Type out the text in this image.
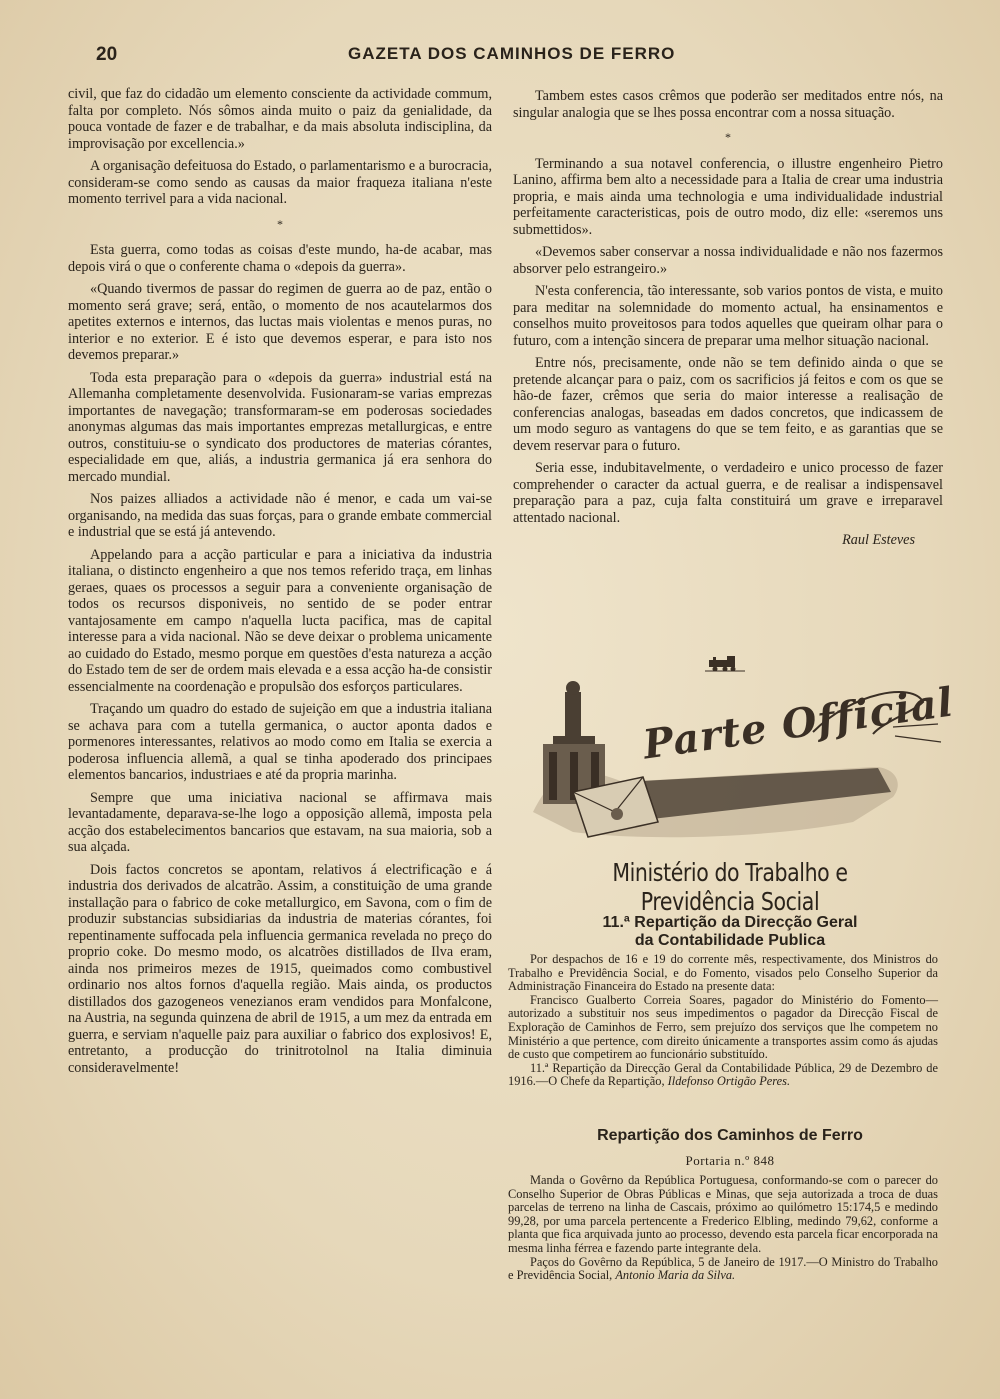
20	GAZETA DOS CAMINHOS DE FERRO

civil, que faz do cidadão um elemento consciente da actividade commum, falta por completo. Nós sômos ainda muito o paiz da genialidade, da pouca vontade de fazer e de trabalhar, e da mais absoluta indisciplina, da improvisação por excellencia.»

A organisação defeituosa do Estado, o parlamentarismo e a burocracia, consideram-se como sendo as causas da maior fraqueza italiana n'este momento terrivel para a vida nacional.

*

Esta guerra, como todas as coisas d'este mundo, ha-de acabar, mas depois virá o que o conferente chama o «depois da guerra».

«Quando tivermos de passar do regimen de guerra ao de paz, então o momento será grave; será, então, o momento de nos acautelarmos dos apetites externos e internos, das luctas mais violentas e menos puras, no interior e no exterior. E é isto que devemos esperar, e para isto nos devemos preparar.»

Toda esta preparação para o «depois da guerra» industrial está na Allemanha completamente desenvolvida. Fusionaram-se varias emprezas importantes de navegação; transformaram-se em poderosas sociedades anonymas algumas das mais importantes emprezas metallurgicas, e entre outros, constituiu-se o syndicato dos productores de materias córantes, especialidade em que, aliás, a industria germanica já era senhora do mercado mundial.

Nos paizes alliados a actividade não é menor, e cada um vai-se organisando, na medida das suas forças, para o grande embate commercial e industrial que se está já antevendo.

Appelando para a acção particular e para a iniciativa da industria italiana, o distincto engenheiro a que nos temos referido traça, em linhas geraes, quaes os processos a seguir para a conveniente organisação de todos os recursos disponiveis, no sentido de se poder entrar vantajosamente em campo n'aquella lucta pacifica, mas de capital interesse para a vida nacional. Não se deve deixar o problema unicamente ao cuidado do Estado, mesmo porque em questões d'esta natureza a acção do Estado tem de ser de ordem mais elevada e a essa acção ha-de consistir essencialmente na coordenação e propulsão dos esforços particulares.

Traçando um quadro do estado de sujeição em que a industria italiana se achava para com a tutella germanica, o auctor aponta dados e pormenores interessantes, relativos ao modo como em Italia se exercia a poderosa influencia allemã, a qual se tinha apoderado dos principaes elementos bancarios, industriaes e até da propria marinha.

Sempre que uma iniciativa nacional se affirmava mais levantadamente, deparava-se-lhe logo a opposição allemã, imposta pela acção dos estabelecimentos bancarios que estavam, na sua maioria, sob a sua alçada.

Dois factos concretos se apontam, relativos á electrificação e á industria dos derivados de alcatrão. Assim, a constituição de uma grande installação para o fabrico de coke metallurgico, em Savona, com o fim de produzir substancias subsidiarias da industria de materias córantes, foi repentinamente suffocada pela influencia germanica revelada no preço do proprio coke. Do mesmo modo, os alcatrões distillados de Ilva eram, ainda nos primeiros mezes de 1915, queimados como combustivel ordinario nos altos fornos d'aquella região. Mais ainda, os productos distillados dos gazogeneos venezianos eram vendidos para Monfalcone, na Austria, na segunda quinzena de abril de 1915, a um mez da entrada em guerra, e serviam n'aquelle paiz para auxiliar o fabrico dos explosivos! E, entretanto, a producção do trinitrotolnol na Italia diminuia consideravelmente!

Tambem estes casos crêmos que poderão ser meditados entre nós, na singular analogia que se lhes possa encontrar com a nossa situação.

*

Terminando a sua notavel conferencia, o illustre engenheiro Pietro Lanino, affirma bem alto a necessidade para a Italia de crear uma industria propria, e mais ainda uma technologia e uma individualidade industrial perfeitamente caracteristicas, pois de outro modo, diz elle: «seremos uns submettidos».

«Devemos saber conservar a nossa individualidade e não nos fazermos absorver pelo estrangeiro.»

N'esta conferencia, tão interessante, sob varios pontos de vista, e muito para meditar na solemnidade do momento actual, ha ensinamentos e conselhos muito proveitosos para todos aquelles que queiram olhar para o futuro, com a intenção sincera de preparar uma melhor situação nacional.

Entre nós, precisamente, onde não se tem definido ainda o que se pretende alcançar para o paiz, com os sacrificios já feitos e com os que se hão-de fazer, crêmos que seria do maior interesse a realisação de conferencias analogas, baseadas em dados concretos, que indicassem de um modo seguro as vantagens do que se tem feito, e as garantias que se devem reservar para o futuro.

Seria esse, indubitavelmente, o verdadeiro e unico processo de fazer comprehender o caracter da actual guerra, e de realisar a indispensavel preparação para a paz, cuja falta constituirá um grave e irreparavel attentado nacional.

Raul Esteves
Parte Official
Ministério do Trabalho e Previdência Social
11.ª Repartição da Direcção Geral
da Contabilidade Publica

Por despachos de 16 e 19 do corrente mês, respectivamente, dos Ministros do Trabalho e Previdência Social, e do Fomento, visados pelo Conselho Superior da Administração Financeira do Estado na presente data:

Francisco Gualberto Correia Soares, pagador do Ministério do Fomento—autorizado a substituir nos seus impedimentos o pagador da Direcção Fiscal de Exploração de Caminhos de Ferro, sem prejuízo dos serviços que lhe competem no Ministério a que pertence, com direito únicamente a transportes assim como ás ajudas de custo que competirem ao funcionário substituído.

11.ª Repartição da Direcção Geral da Contabilidade Pública, 29 de Dezembro de 1916.—O Chefe da Repartição, Ildefonso Ortigão Peres.

Repartição dos Caminhos de Ferro
Portaria n.º 848

Manda o Govêrno da República Portuguesa, conformando-se com o parecer do Conselho Superior de Obras Públicas e Minas, que seja autorizada a troca de duas parcelas de terreno na linha de Cascais, próximo ao quilómetro 15:174,5 e medindo 99,28, por uma parcela pertencente a Frederico Elbling, medindo 79,62, conforme a planta que fica arquivada junto ao processo, devendo esta parcela ficar encorporada na mesma linha férrea e fazendo parte integrante dela.

Paços do Govêrno da República, 5 de Janeiro de 1917.—O Ministro do Trabalho e Previdência Social, Antonio Maria da Silva.
